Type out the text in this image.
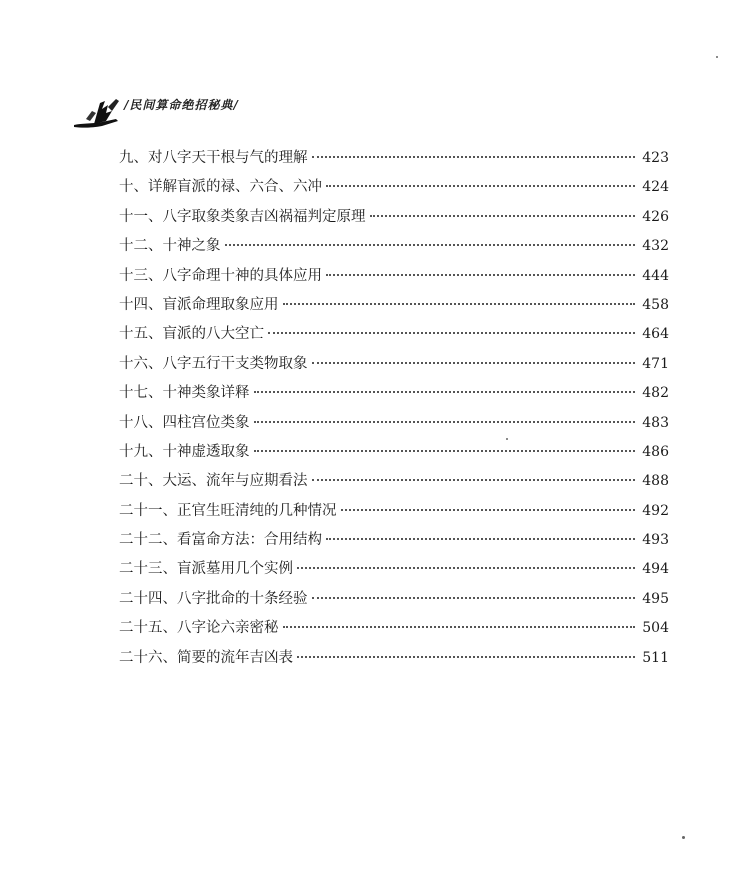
/民间算命绝招秘典/
九、对八字天干根与气的理解	423
十、详解盲派的禄、六合、六冲	424
十一、八字取象类象吉凶祸福判定原理	426
十二、十神之象	432
十三、八字命理十神的具体应用	444
十四、盲派命理取象应用	458
十五、盲派的八大空亡	464
十六、八字五行干支类物取象	471
十七、十神类象详释	482
十八、四柱宫位类象	483
十九、十神虚透取象	486
二十、大运、流年与应期看法	488
二十一、正官生旺清纯的几种情况	492
二十二、看富命方法：合用结构	493
二十三、盲派墓用几个实例	494
二十四、八字批命的十条经验	495
二十五、八字论六亲密秘	504
二十六、简要的流年吉凶表	511
